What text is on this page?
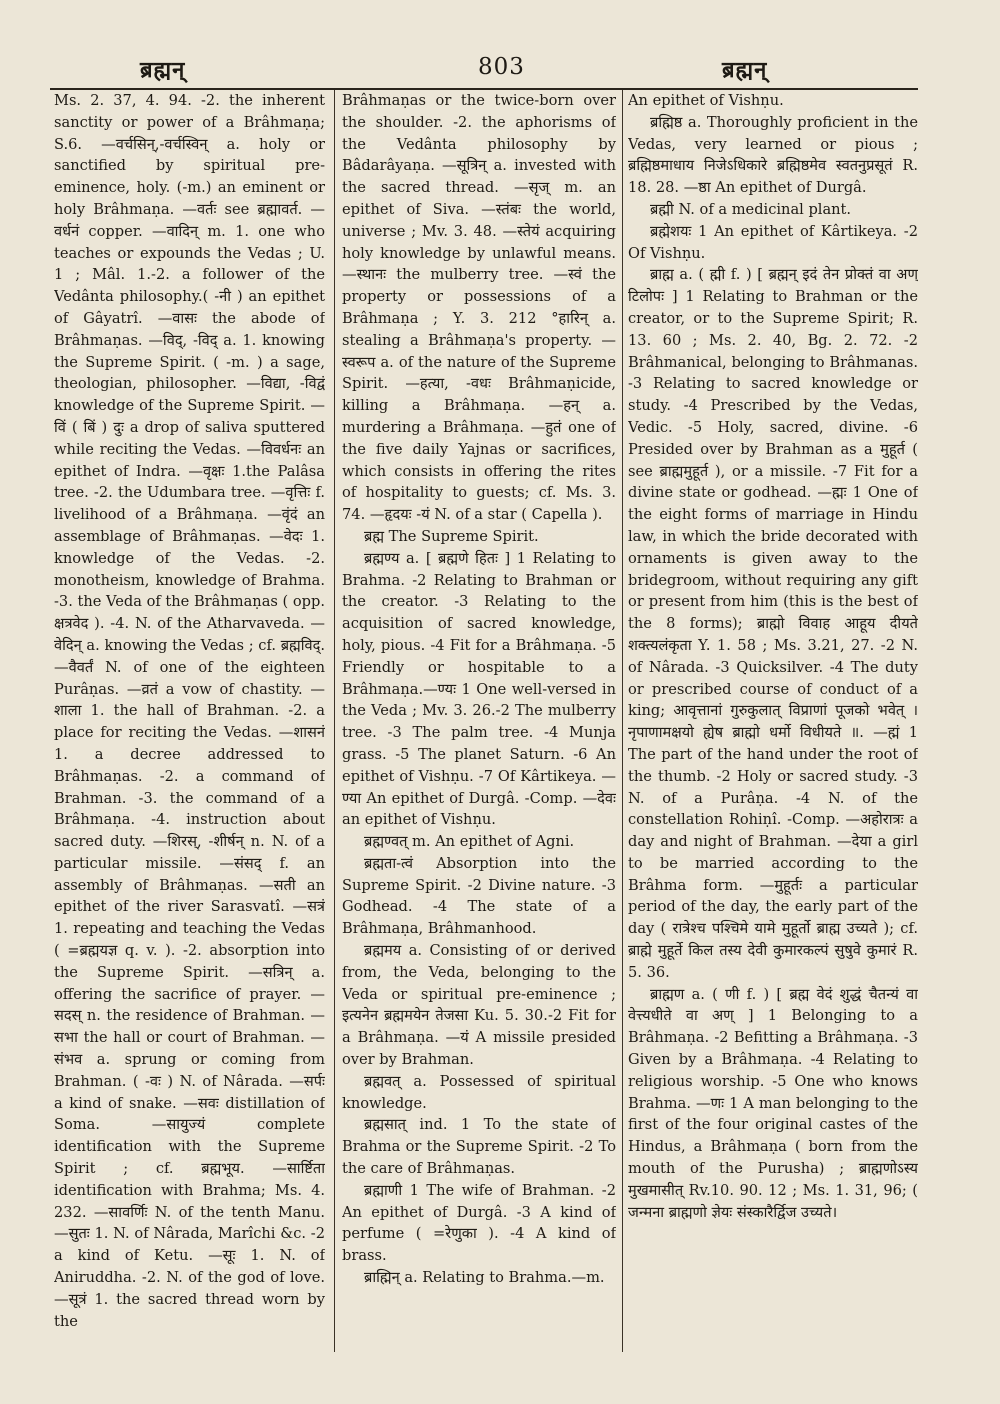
ब्रह्मन्	803	ब्रह्मन्

Ms. 2. 37, 4. 94. -2. the inherent sanctity or power of a Brâhmaṇa; S.6. —वर्चसिन्,-वर्चस्विन् a. holy or sanctified by spiritual pre-eminence, holy. (-m.) an eminent or holy Brâhmaṇa. —वर्तः see ब्रह्मावर्त. —वर्धनं copper. —वादिन् m. 1. one who teaches or expounds the Vedas ; U. 1 ; Mâl. 1.-2. a follower of the Vedânta philosophy.( -नी ) an epithet of Gâyatrî. —वासः the abode of Brâhmaṇas. —विद्, -विद् a. 1. knowing the Supreme Spirit. ( -m. ) a sage, theologian, philosopher. —विद्या, -विद्वं knowledge of the Supreme Spirit. —विं ( बिं ) दुः a drop of saliva sputtered while reciting the Vedas. —विवर्धनः an epithet of Indra. —वृक्षः 1.the Palâsa tree. -2. the Udumbara tree. —वृत्तिः f. livelihood of a Brâhmaṇa. —वृंदं an assemblage of Brâhmaṇas. —वेदः 1. knowledge of the Vedas. -2. monotheism, knowledge of Brahma. -3. the Veda of the Brâhmaṇas ( opp. क्षत्रवेद ). -4. N. of the Atharvaveda. —वेदिन् a. knowing the Vedas ; cf. ब्रह्मविद्. —वैवर्तं N. of one of the eighteen Purâṇas. —व्रतं a vow of chastity. —शाला 1. the hall of Brahman. -2. a place for reciting the Vedas. —शासनं 1. a decree addressed to Brâhmaṇas. -2. a command of Brahman. -3. the command of a Brâhmaṇa. -4. instruction about sacred duty. —शिरस्, -शीर्षन् n. N. of a particular missile. —संसद् f. an assembly of Brâhmaṇas. —सती an epithet of the river Sarasvatî. —सत्रं 1. repeating and teaching the Vedas ( =ब्रह्मयज्ञ q. v. ). -2. absorption into the Supreme Spirit. —सत्रिन् a. offering the sacrifice of prayer. —सदस् n. the residence of Brahman. —सभा the hall or court of Brahman. —संभव a. sprung or coming from Brahman. ( -वः ) N. of Nârada. —सर्पः a kind of snake. —सवः distillation of Soma. —सायुज्यं complete identification with the Supreme Spirit ; cf. ब्रह्मभूय. —सार्ष्टिता identification with Brahma; Ms. 4. 232. —सावर्णिः N. of the tenth Manu. —सुतः 1. N. of Nârada, Marîchi &c. -2 a kind of Ketu. —सूः 1. N. of Aniruddha. -2. N. of the god of love. —सूत्रं 1. the sacred thread worn by the

Brâhmaṇas or the twice-born over the shoulder. -2. the aphorisms of the Vedânta philosophy by Bâdarâyaṇa. —सूत्रिन् a. invested with the sacred thread. —सृज् m. an epithet of Siva. —स्तंबः the world, universe ; Mv. 3. 48. —स्तेयं acquiring holy knowledge by unlawful means. —स्थानः the mulberry tree. —स्वं the property or possessions of a Brâhmaṇa ; Y. 3. 212 °हारिन् a. stealing a Brâhmaṇa's property. —स्वरूप a. of the nature of the Supreme Spirit. —हत्या, -वधः Brâhmaṇicide, killing a Brâhmaṇa. —हन् a. murdering a Brâhmaṇa. —हुतं one of the five daily Yajnas or sacrifices, which consists in offering the rites of hospitality to guests; cf. Ms. 3. 74. —हृदयः -यं N. of a star ( Capella ).

ब्रह्म The Supreme Spirit.

ब्रह्मण्य a. [ ब्रह्मणे हितः ] 1 Relating to Brahma. -2 Relating to Brahman or the creator. -3 Relating to the acquisition of sacred knowledge, holy, pious. -4 Fit for a Brâhmaṇa. -5 Friendly or hospitable to a Brâhmaṇa.—ण्यः 1 One well-versed in the Veda ; Mv. 3. 26.-2 The mulberry tree. -3 The palm tree. -4 Munja grass. -5 The planet Saturn. -6 An epithet of Vishṇu. -7 Of Kârtikeya. —ण्या An epithet of Durgâ. -Comp. —देवः an epithet of Vishṇu.

ब्रह्मण्वत् m. An epithet of Agni.

ब्रह्मता-त्वं Absorption into the Supreme Spirit. -2 Divine nature. -3 Godhead. -4 The state of a Brâhmaṇa, Brâhmanhood.

ब्रह्ममय a. Consisting of or derived from, the Veda, belonging to the Veda or spiritual pre-eminence ; इत्यनेन ब्रह्ममयेन तेजसा Ku. 5. 30.-2 Fit for a Brâhmaṇa. —यं A missile presided over by Brahman.

ब्रह्मवत् a. Possessed of spiritual knowledge.

ब्रह्मसात् ind. 1 To the state of Brahma or the Supreme Spirit. -2 To the care of Brâhmaṇas.

ब्रह्माणी 1 The wife of Brahman. -2 An epithet of Durgâ. -3 A kind of perfume ( =रेणुका ). -4 A kind of brass.

ब्राह्मिन् a. Relating to Brahma.—m.

An epithet of Vishṇu.

ब्रह्मिष्ठ a. Thoroughly proficient in the Vedas, very learned or pious ; ब्रह्मिष्ठमाधाय निजेऽधिकारे ब्रह्मिष्ठमेव स्वतनुप्रसूतं R. 18. 28. —ष्ठा An epithet of Durgâ.

ब्रह्मी N. of a medicinal plant.

ब्रह्मेशयः 1 An epithet of Kârtikeya. -2 Of Vishṇu.

ब्राह्म a. ( ह्मी f. ) [ ब्रह्मन् इदं तेन प्रोक्तं वा अण् टिलोपः ] 1 Relating to Brahman or the creator, or to the Supreme Spirit; R. 13. 60 ; Ms. 2. 40, Bg. 2. 72. -2 Brâhmanical, belonging to Brâhmanas. -3 Relating to sacred knowledge or study. -4 Prescribed by the Vedas, Vedic. -5 Holy, sacred, divine. -6 Presided over by Brahman as a मुहूर्त ( see ब्राह्ममुहूर्त ), or a missile. -7 Fit for a divine state or godhead. —ह्मः 1 One of the eight forms of marriage in Hindu law, in which the bride decorated with ornaments is given away to the bridegroom, without requiring any gift or present from him (this is the best of the 8 forms); ब्राह्मो विवाह आहूय दीयते शक्त्यलंकृता Y. 1. 58 ; Ms. 3.21, 27. -2 N. of Nârada. -3 Quicksilver. -4 The duty or prescribed course of conduct of a king; आवृत्तानां गुरुकुलात् विप्राणां पूजको भवेत् । नृपाणामक्षयो ह्येष ब्राह्मो धर्मो विधीयते ॥. —ह्मं 1 The part of the hand under the root of the thumb. -2 Holy or sacred study. -3 N. of a Purâṇa. -4 N. of the constellation Rohiṇî. -Comp. —अहोरात्रः a day and night of Brahman. —देया a girl to be married according to the Brâhma form. —मुहूर्तः a particular period of the day, the early part of the day ( रात्रेश्च पश्चिमे यामे मुहूर्तो ब्राह्म उच्यते ); cf. ब्राह्मे मुहूर्ते किल तस्य देवी कुमारकल्पं सुषुवे कुमारं R. 5. 36.

ब्राह्मण a. ( णी f. ) [ ब्रह्म वेदं शुद्धं चैतन्यं वा वेत्त्यधीते वा अण् ] 1 Belonging to a Brâhmaṇa. -2 Befitting a Brâhmaṇa. -3 Given by a Brâhmaṇa. -4 Relating to religious worship. -5 One who knows Brahma. —णः 1 A man belonging to the first of the four original castes of the Hindus, a Brâhmaṇa ( born from the mouth of the Purusha) ; ब्राह्मणोऽस्य मुखमासीत् Rv.10. 90. 12 ; Ms. 1. 31, 96; ( जन्मना ब्राह्मणो ज्ञेयः संस्कारैर्द्विज उच्यते।
